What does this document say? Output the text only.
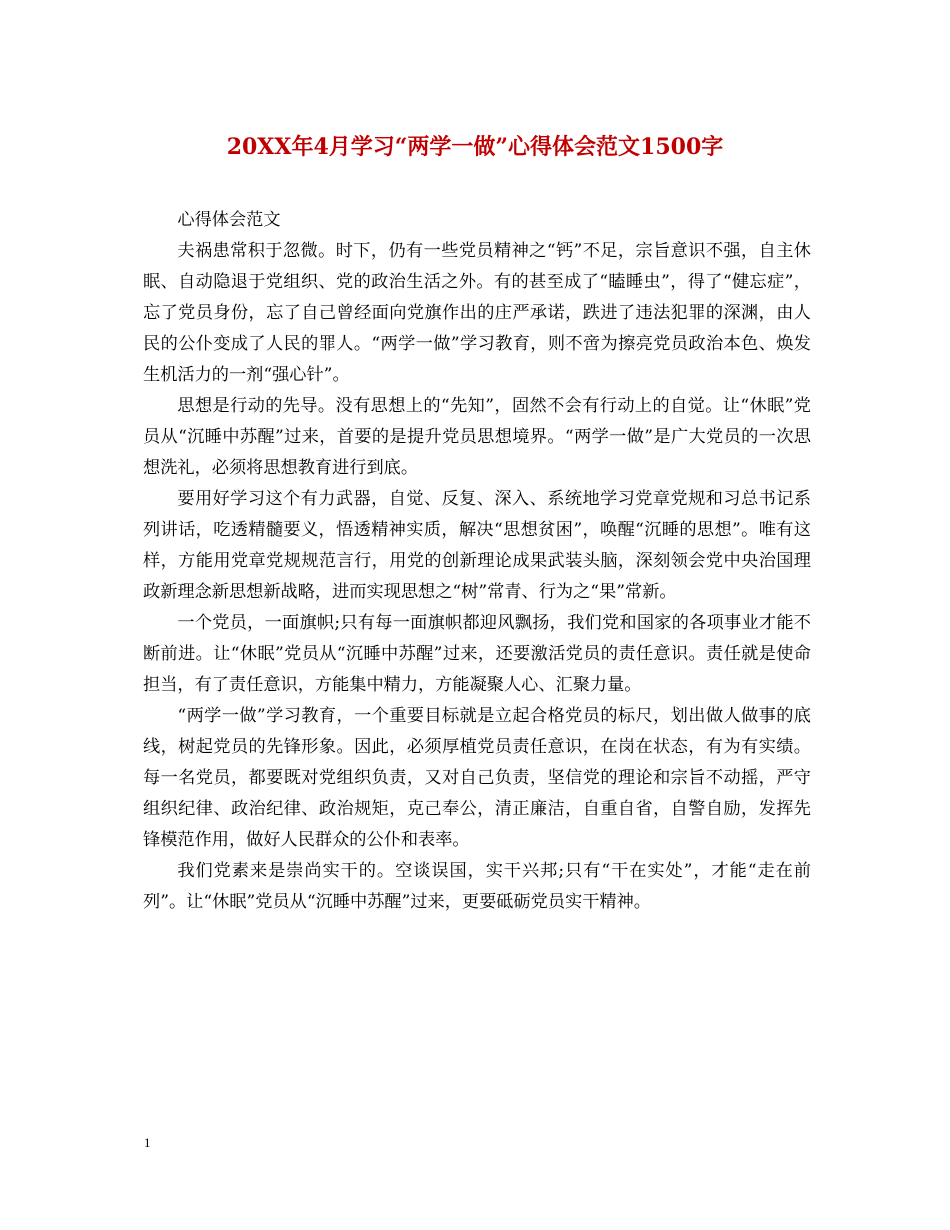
20XX年4月学习“两学一做”心得体会范文1500字

心得体会范文

夫祸患常积于忽微。时下，仍有一些党员精神之“钙”不足，宗旨意识不强，自主休眠、自动隐退于党组织、党的政治生活之外。有的甚至成了“瞌睡虫”，得了“健忘症”，忘了党员身份，忘了自己曾经面向党旗作出的庄严承诺，跌进了违法犯罪的深渊，由人民的公仆变成了人民的罪人。“两学一做”学习教育，则不啻为擦亮党员政治本色、焕发生机活力的一剂“强心针”。

思想是行动的先导。没有思想上的“先知”，固然不会有行动上的自觉。让“休眠”党员从“沉睡中苏醒”过来，首要的是提升党员思想境界。“两学一做”是广大党员的一次思想洗礼，必须将思想教育进行到底。

要用好学习这个有力武器，自觉、反复、深入、系统地学习党章党规和习总书记系列讲话，吃透精髓要义，悟透精神实质，解决“思想贫困”，唤醒“沉睡的思想”。唯有这样，方能用党章党规规范言行，用党的创新理论成果武装头脑，深刻领会党中央治国理政新理念新思想新战略，进而实现思想之“树”常青、行为之“果”常新。

一个党员，一面旗帜;只有每一面旗帜都迎风飘扬，我们党和国家的各项事业才能不断前进。让“休眠”党员从“沉睡中苏醒”过来，还要激活党员的责任意识。责任就是使命担当，有了责任意识，方能集中精力，方能凝聚人心、汇聚力量。

“两学一做”学习教育，一个重要目标就是立起合格党员的标尺，划出做人做事的底线，树起党员的先锋形象。因此，必须厚植党员责任意识，在岗在状态，有为有实绩。每一名党员，都要既对党组织负责，又对自己负责，坚信党的理论和宗旨不动摇，严守组织纪律、政治纪律、政治规矩，克己奉公，清正廉洁，自重自省，自警自励，发挥先锋模范作用，做好人民群众的公仆和表率。

我们党素来是崇尚实干的。空谈误国，实干兴邦;只有“干在实处”，才能“走在前列”。让“休眠”党员从“沉睡中苏醒”过来，更要砥砺党员实干精神。

1
